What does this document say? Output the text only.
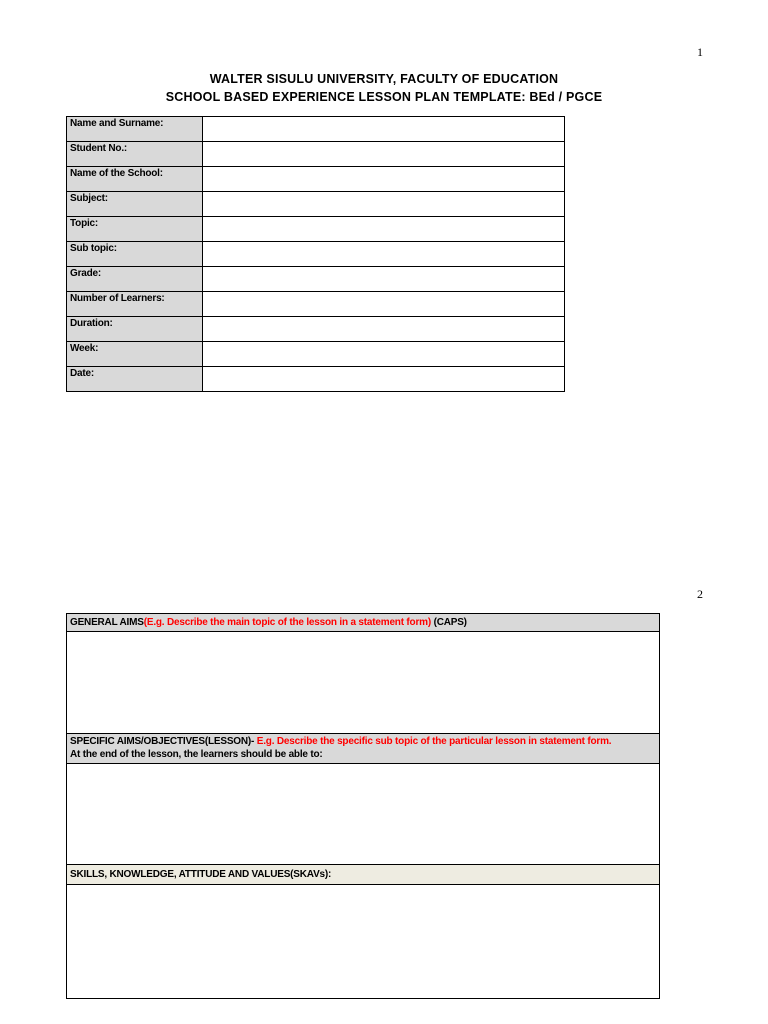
1
WALTER SISULU UNIVERSITY, FACULTY OF EDUCATION
SCHOOL BASED EXPERIENCE LESSON PLAN TEMPLATE: BEd / PGCE
Name and Surname:	
Student No.:	
Name of the School:	
Subject:	
Topic:	
Sub topic:	
Grade:	
Number of Learners:	
Duration:	
Week:	
Date:	
2
GENERAL AIMS(E.g. Describe the main topic of the lesson in a statement form) (CAPS)
SPECIFIC AIMS/OBJECTIVES(LESSON)- E.g. Describe the specific sub topic of the particular lesson in statement form.
At the end of the lesson, the learners should be able to:
SKILLS, KNOWLEDGE, ATTITUDE AND VALUES(SKAVs):
